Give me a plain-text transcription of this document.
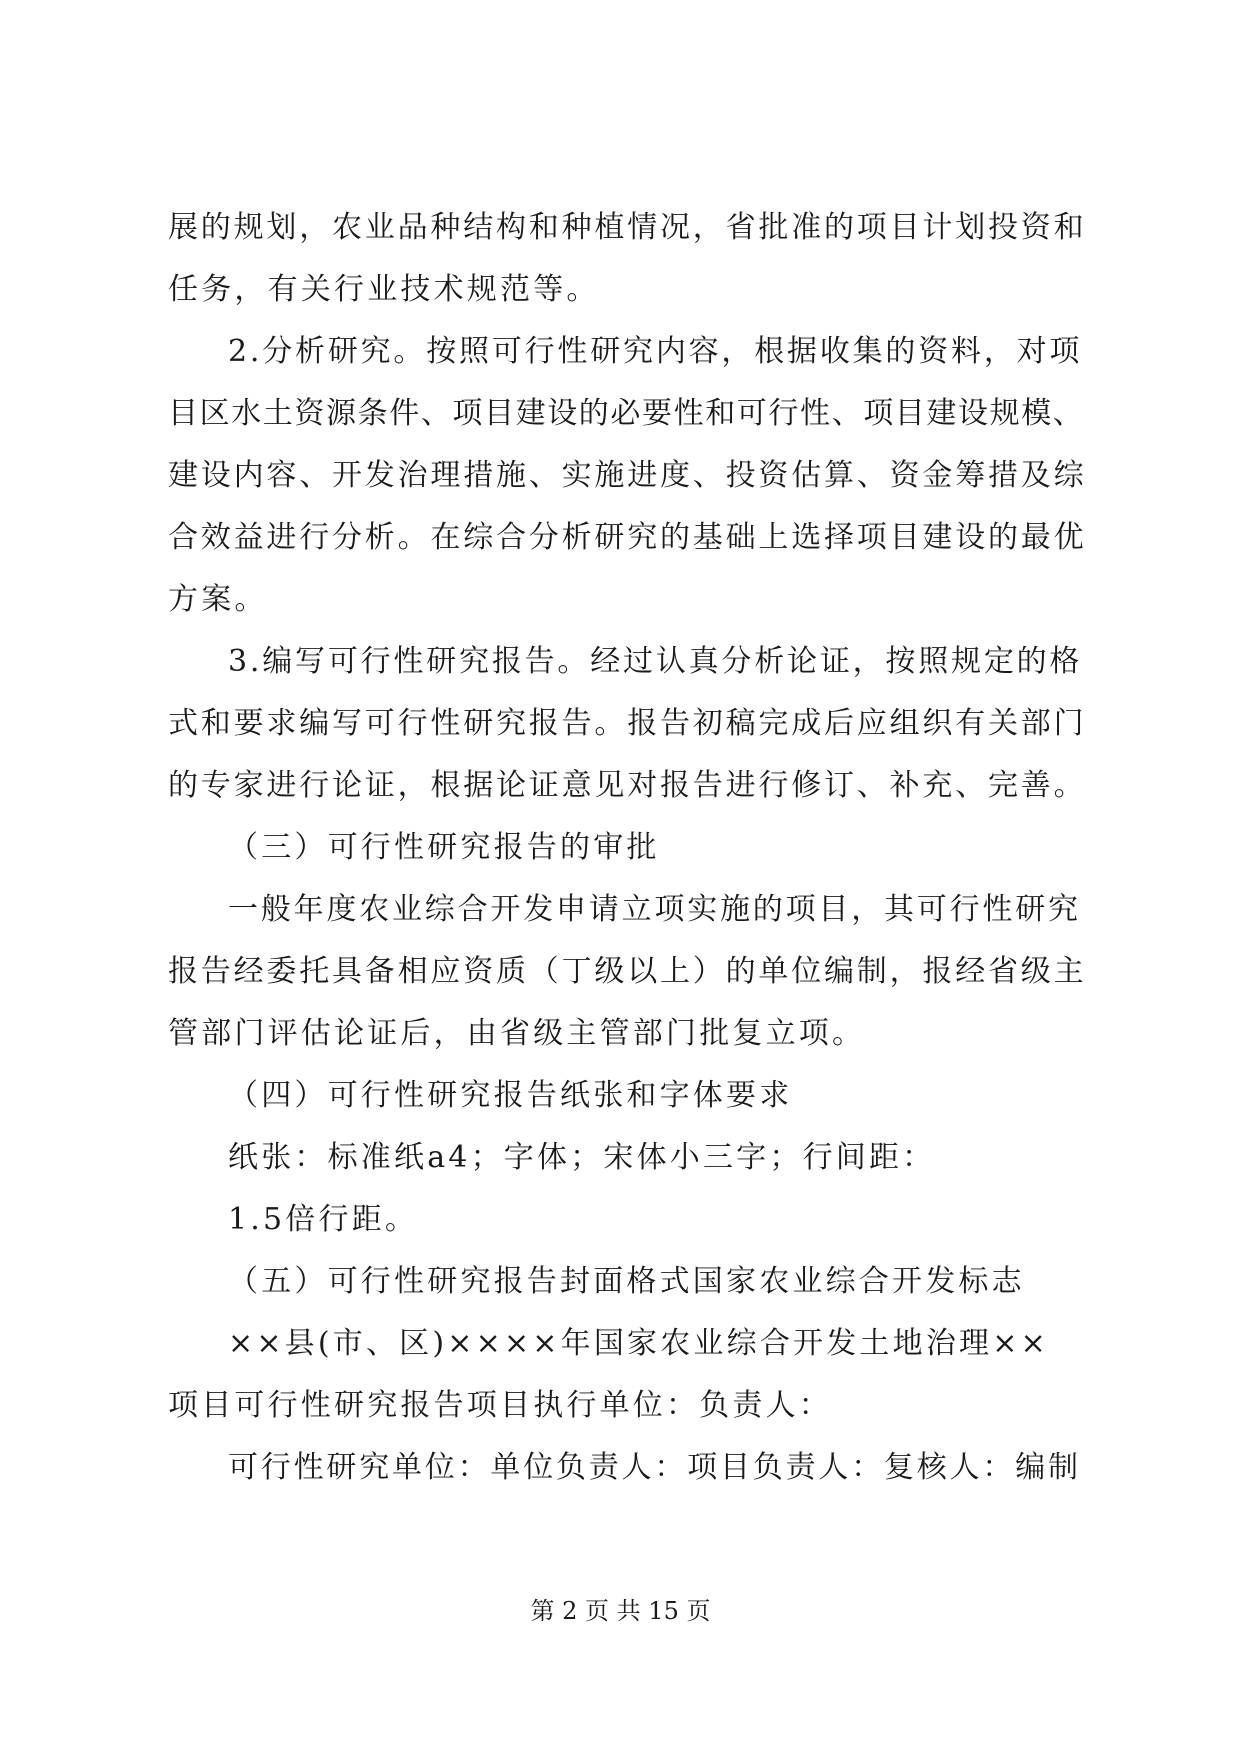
展的规划，农业品种结构和种植情况，省批准的项目计划投资和
任务，有关行业技术规范等。
2.分析研究。按照可行性研究内容，根据收集的资料，对项
目区水土资源条件、项目建设的必要性和可行性、项目建设规模、
建设内容、开发治理措施、实施进度、投资估算、资金筹措及综
合效益进行分析。在综合分析研究的基础上选择项目建设的最优
方案。
3.编写可行性研究报告。经过认真分析论证，按照规定的格
式和要求编写可行性研究报告。报告初稿完成后应组织有关部门
的专家进行论证，根据论证意见对报告进行修订、补充、完善。
（三）可行性研究报告的审批
一般年度农业综合开发申请立项实施的项目，其可行性研究
报告经委托具备相应资质（丁级以上）的单位编制，报经省级主
管部门评估论证后，由省级主管部门批复立项。
（四）可行性研究报告纸张和字体要求
纸张：标准纸a4；字体；宋体小三字；行间距：
1.5倍行距。
（五）可行性研究报告封面格式国家农业综合开发标志
××县(市、区)××××年国家农业综合开发土地治理××
项目可行性研究报告项目执行单位：负责人：
可行性研究单位：单位负责人：项目负责人：复核人：编制
第 2 页 共 15 页
